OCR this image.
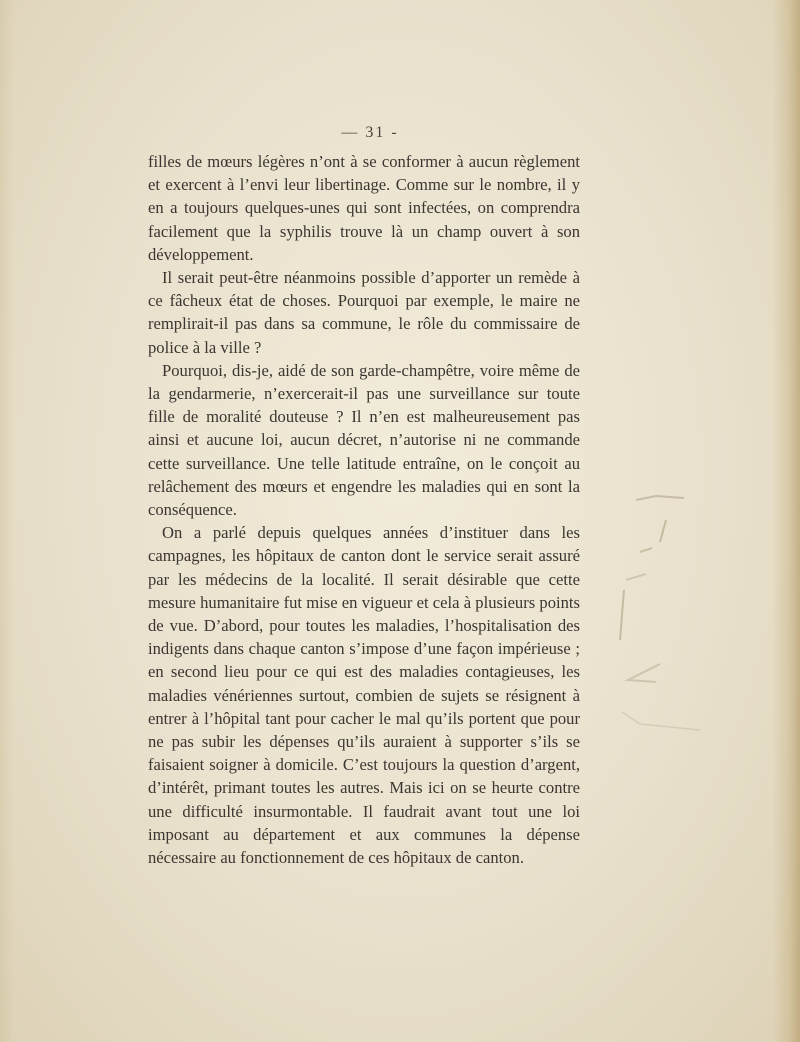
— 31 -

filles de mœurs légères n’ont à se conformer à aucun règlement et exercent à l’envi leur libertinage. Comme sur le nombre, il y en a toujours quelques-unes qui sont infectées, on comprendra facilement que la syphilis trouve là un champ ouvert à son développement.

Il serait peut-être néanmoins possible d’apporter un remède à ce fâcheux état de choses. Pourquoi par exemple, le maire ne remplirait-il pas dans sa commune, le rôle du commissaire de police à la ville ?

Pourquoi, dis-je, aidé de son garde-champêtre, voire même de la gendarmerie, n’exercerait-il pas une surveillance sur toute fille de moralité douteuse ? Il n’en est malheureusement pas ainsi et aucune loi, aucun décret, n’autorise ni ne commande cette surveillance. Une telle latitude entraîne, on le conçoit au relâchement des mœurs et engendre les maladies qui en sont la conséquence.

On a parlé depuis quelques années d’instituer dans les campagnes, les hôpitaux de canton dont le service serait assuré par les médecins de la localité. Il serait désirable que cette mesure humanitaire fut mise en vigueur et cela à plusieurs points de vue. D’abord, pour toutes les maladies, l’hospitalisation des indigents dans chaque canton s’impose d’une façon impérieuse ; en second lieu pour ce qui est des maladies contagieuses, les maladies vénériennes surtout, combien de sujets se résignent à entrer à l’hôpital tant pour cacher le mal qu’ils portent que pour ne pas subir les dépenses qu’ils auraient à supporter s’ils se faisaient soigner à domicile. C’est toujours la question d’argent, d’intérêt, primant toutes les autres. Mais ici on se heurte contre une difficulté insurmontable. Il faudrait avant tout une loi imposant au département et aux communes la dépense nécessaire au fonctionnement de ces hôpitaux de canton.
